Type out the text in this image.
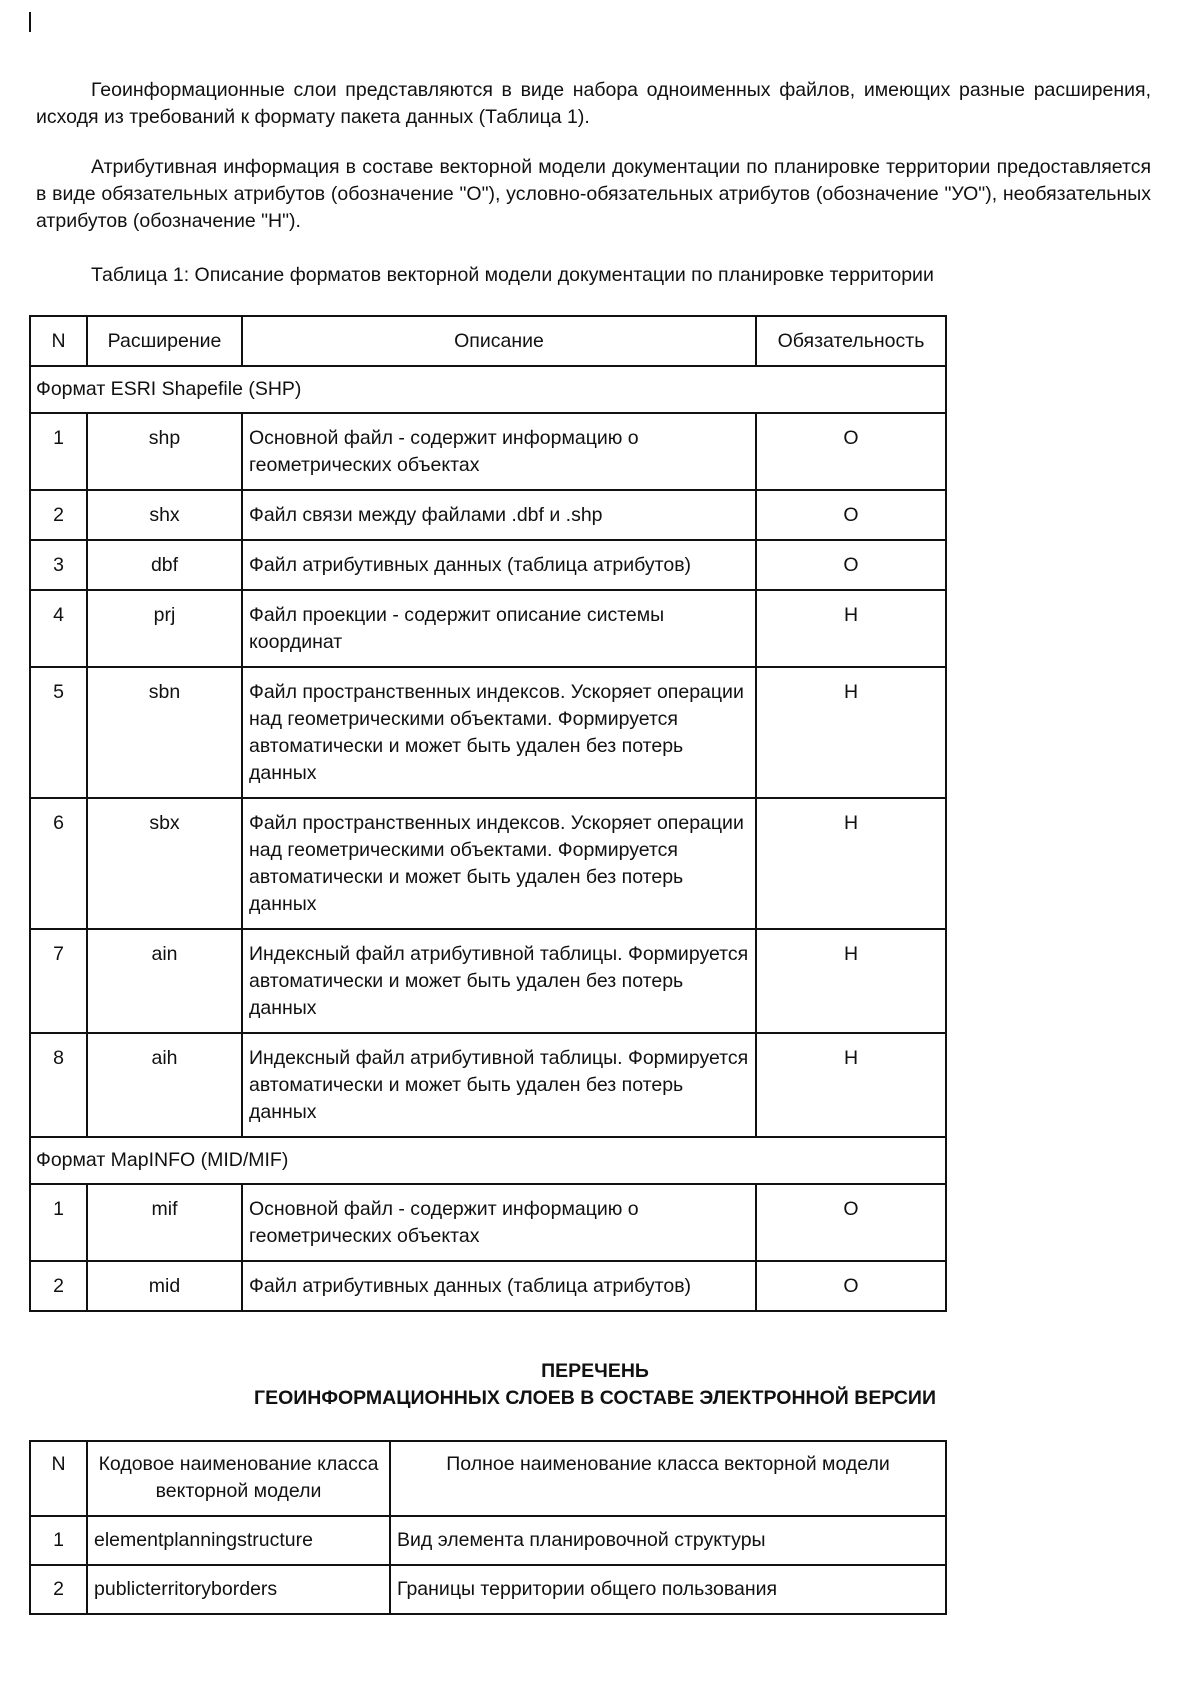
Геоинформационные слои представляются в виде набора одноименных файлов, имеющих разные расширения, исходя из требований к формату пакета данных (Таблица 1).

Атрибутивная информация в составе векторной модели документации по планировке территории предоставляется в виде обязательных атрибутов (обозначение "О"), условно-обязательных атрибутов (обозначение "УО"), необязательных атрибутов (обозначение "Н").

Таблица 1: Описание форматов векторной модели документации по планировке территории

N	Расширение	Описание	Обязательность
Формат ESRI Shapefile (SHP)			
1	shp	Основной файл - содержит информацию о геометрических объектах	О
2	shx	Файл связи между файлами .dbf и .shp	О
3	dbf	Файл атрибутивных данных (таблица атрибутов)	О
4	prj	Файл проекции - содержит описание системы координат	Н
5	sbn	Файл пространственных индексов. Ускоряет операции над геометрическими объектами. Формируется автоматически и может быть удален без потерь данных	Н
6	sbx	Файл пространственных индексов. Ускоряет операции над геометрическими объектами. Формируется автоматически и может быть удален без потерь данных	Н
7	ain	Индексный файл атрибутивной таблицы. Формируется автоматически и может быть удален без потерь данных	Н
8	aih	Индексный файл атрибутивной таблицы. Формируется автоматически и может быть удален без потерь данных	Н
Формат MapINFO (MID/MIF)			
1	mif	Основной файл - содержит информацию о геометрических объектах	О
2	mid	Файл атрибутивных данных (таблица атрибутов)	О

ПЕРЕЧЕНЬ

ГЕОИНФОРМАЦИОННЫХ СЛОЕВ В СОСТАВЕ ЭЛЕКТРОННОЙ ВЕРСИИ

N	Кодовое наименование класса векторной модели	Полное наименование класса векторной модели
1	elementplanningstructure	Вид элемента планировочной структуры
2	publicterritoryborders	Границы территории общего пользования
